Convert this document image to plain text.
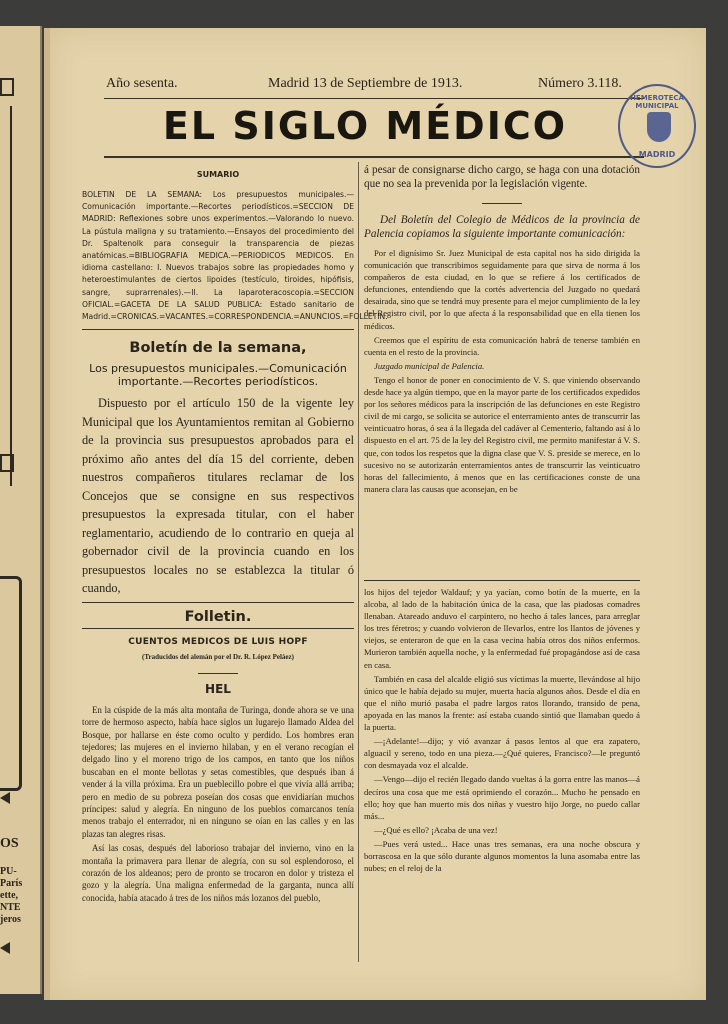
OS
PU-
París
ette,
NTE
jeros
Año sesenta.	Madrid 13 de Septiembre de 1913.	Número 3.118.
EL SIGLO MÉDICO
HEMEROTECA MUNICIPAL
MADRID
SUMARIO
BOLETIN DE LA SEMANA: Los presupuestos municipales.—Comunicación importante.—Recortes periodísticos.=SECCION DE MADRID: Reflexiones sobre unos experimentos.—Valorando lo nuevo. La pústula maligna y su tratamiento.—Ensayos del procedimiento del Dr. Spaltenolk para conseguir la transparencia de piezas anatómicas.=BIBLIOGRAFIA MEDICA.—PERIODICOS MEDICOS. En idioma castellano: I. Nuevos trabajos sobre las propiedades homo y heteroestimulantes de ciertos lipoides (testículo, tiroides, hipófisis, sangre, suprarrenales).—II. La laparoteracoscopia.=SECCION OFICIAL.=GACETA DE LA SALUD PUBLICA: Estado sanitario de Madrid.=CRONICAS.=VACANTES.=CORRESPONDENCIA.=ANUNCIOS.=FOLLETIN.
Boletín de la semana,
Los presupuestos municipales.—Comunicación importante.—Recortes periodísticos.
Dispuesto por el artículo 150 de la vigente ley Municipal que los Ayuntamientos remitan al Gobierno de la provincia sus presupuestos aprobados para el próximo año antes del día 15 del corriente, deben nuestros compañeros titulares reclamar de los Concejos que se consigne en sus respectivos presupuestos la expresada titular, con el haber reglamentario, acudiendo de lo contrario en queja al gobernador civil de la provincia cuando en los presupuestos locales no se establezca la titular ó cuando,
Folletin.
CUENTOS MEDICOS DE LUIS HOPF
(Traducidos del alemán por el Dr. R. López Peláez)
HEL
En la cúspide de la más alta montaña de Turinga, donde ahora se ve una torre de hermoso aspecto, había hace siglos un lugarejo llamado Aldea del Bosque, por hallarse en éste como oculto y perdido. Los hombres eran tejedores; las mujeres en el invierno hilaban, y en el verano recogían el delgado lino y el moreno trigo de los campos, en tanto que los niños buscaban en el monte bellotas y setas comestibles, que después iban á vender á la villa próxima. Era un pueblecillo pobre el que vivía allá arriba; pero en medio de su pobreza poseían dos cosas que envidiarían muchos príncipes: salud y alegría. En ninguno de los pueblos comarcanos tenía menos trabajo el enterrador, ni en ninguno se oían en las calles y en las plazas tan alegres risas.
Así las cosas, después del laborioso trabajar del invierno, vino en la montaña la primavera para llenar de alegría, con su sol esplendoroso, el corazón de los aldeanos; pero de pronto se trocaron en dolor y tristeza el gozo y la alegría. Una maligna enfermedad de la garganta, nunca allí conocida, había atacado á tres de los niños más lozanos del pueblo,
á pesar de consignarse dicho cargo, se haga con una dotación que no sea la prevenida por la legislación vigente.
Del Boletín del Colegio de Médicos de la provincia de Palencia copiamos la siguiente importante comunicación:
Por el dignísimo Sr. Juez Municipal de esta capital nos ha sido dirigida la comunicación que transcribimos seguidamente para que sirva de norma á los compañeros de esta ciudad, en lo que se refiere á los certificados de defunciones, entendiendo que la cortés advertencia del Juzgado no quedará desairada, sino que se tendrá muy presente para el mejor cumplimiento de la ley del Registro civil, por lo que afecta á la responsabilidad que en ella tienen los médicos.
Creemos que el espíritu de esta comunicación habrá de tenerse también en cuenta en el resto de la provincia.
Juzgado municipal de Palencia.
Tengo el honor de poner en conocimiento de V. S. que viniendo observando desde hace ya algún tiempo, que en la mayor parte de los certificados expedidos por los señores médicos para la inscripción de las defunciones en este Registro civil de mi cargo, se solicita se autorice el enterramiento antes de transcurrir las veinticuatro horas, ó sea á la llegada del cadáver al Cementerio, faltando así á lo dispuesto en el art. 75 de la ley del Registro civil, me permito manifestar á V. S. que, con todos los respetos que la digna clase que V. S. preside se merece, en lo sucesivo no se autorizarán enterramientos antes de transcurrir las veinticuatro horas del fallecimiento, á menos que en las certificaciones conste de una manera clara las causas que aconsejan, en be
los hijos del tejedor Waldauf; y ya yacían, como botín de la muerte, en la alcoba, al lado de la habitación única de la casa, que las piadosas comadres llenaban. Atareado anduvo el carpintero, no hecho á tales lances, para arreglar los tres féretros; y cuando volvieron de llevarlos, entre los llantos de jóvenes y viejos, se enteraron de que en la casa vecina había otros dos niños enfermos. Murieron también aquella noche, y la enfermedad fué propagándose así de casa en casa.
También en casa del alcalde eligió sus víctimas la muerte, llevándose al hijo único que le había dejado su mujer, muerta hacía algunos años. Desde el día en que el niño murió pasaba el padre largos ratos llorando, transido de pena, apoyada en las manos la frente: así estaba cuando sintió que llamaban quedo á la puerta.
—¡Adelante!—dijo; y vió avanzar á pasos lentos al que era zapatero, alguacil y sereno, todo en una pieza.—¿Qué quieres, Francisco?—le preguntó con desmayada voz el alcalde.
—Vengo—dijo el recién llegado dando vueltas á la gorra entre las manos—á decíros una cosa que me está oprimiendo el corazón... Mucho he pensado en ello; hoy que han muerto mis dos niñas y vuestro hijo Jorge, no puedo callar más...
—¿Qué es ello? ¡Acaba de una vez!
—Pues verá usted... Hace unas tres semanas, era una noche obscura y borrascosa en la que sólo durante algunos momentos la luna asomaba entre las nubes; en el reloj de la
